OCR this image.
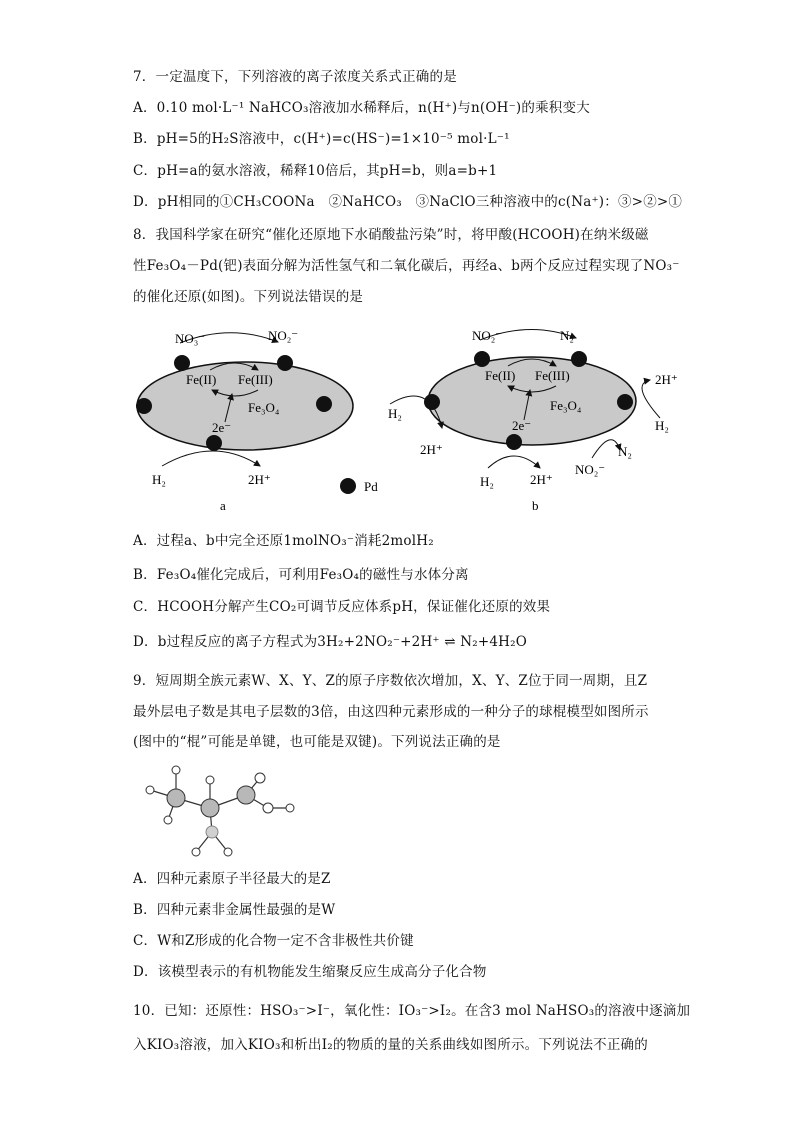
7．一定温度下，下列溶液的离子浓度关系式正确的是
A．0.10 mol·L⁻¹ NaHCO₃溶液加水稀释后，n(H⁺)与n(OH⁻)的乘积变大
B．pH=5的H₂S溶液中，c(H⁺)=c(HS⁻)=1×10⁻⁵ mol·L⁻¹
C．pH=a的氨水溶液，稀释10倍后，其pH=b，则a=b+1
D．pH相同的①CH₃COONa　②NaHCO₃　③NaClO三种溶液中的c(Na⁺)：③>②>①
8．我国科学家在研究“催化还原地下水硝酸盐污染”时，将甲酸(HCOOH)在纳米级磁
性Fe₃O₄－Pd(钯)表面分解为活性氢气和二氧化碳后，再经a、b两个反应过程实现了NO₃⁻
的催化还原(如图)。下列说法错误的是
NO₃⁻	NO₂⁻
Fe(II) Fe(III)
Fe₃O₄
2e⁻
H₂	2H⁺
a
Pd
NO₂⁻	N₂
Fe(II) Fe(III)
Fe₃O₄
2e⁻
H₂
2H⁺
2H⁺
H₂
NO₂⁻
N₂
H₂	2H⁺
b
A．过程a、b中完全还原1molNO₃⁻消耗2molH₂
B．Fe₃O₄催化完成后，可利用Fe₃O₄的磁性与水体分离
C．HCOOH分解产生CO₂可调节反应体系pH，保证催化还原的效果
D．b过程反应的离子方程式为3H₂+2NO₂⁻+2H⁺ ⇌ N₂+4H₂O
9．短周期全族元素W、X、Y、Z的原子序数依次增加，X、Y、Z位于同一周期，且Z
最外层电子数是其电子层数的3倍，由这四种元素形成的一种分子的球棍模型如图所示
(图中的“棍”可能是单键，也可能是双键)。下列说法正确的是
A．四种元素原子半径最大的是Z
B．四种元素非金属性最强的是W
C．W和Z形成的化合物一定不含非极性共价键
D．该模型表示的有机物能发生缩聚反应生成高分子化合物
10．已知：还原性：HSO₃⁻>I⁻，氧化性：IO₃⁻>I₂。在含3 mol NaHSO₃的溶液中逐滴加
入KIO₃溶液，加入KIO₃和析出I₂的物质的量的关系曲线如图所示。下列说法不正确的
